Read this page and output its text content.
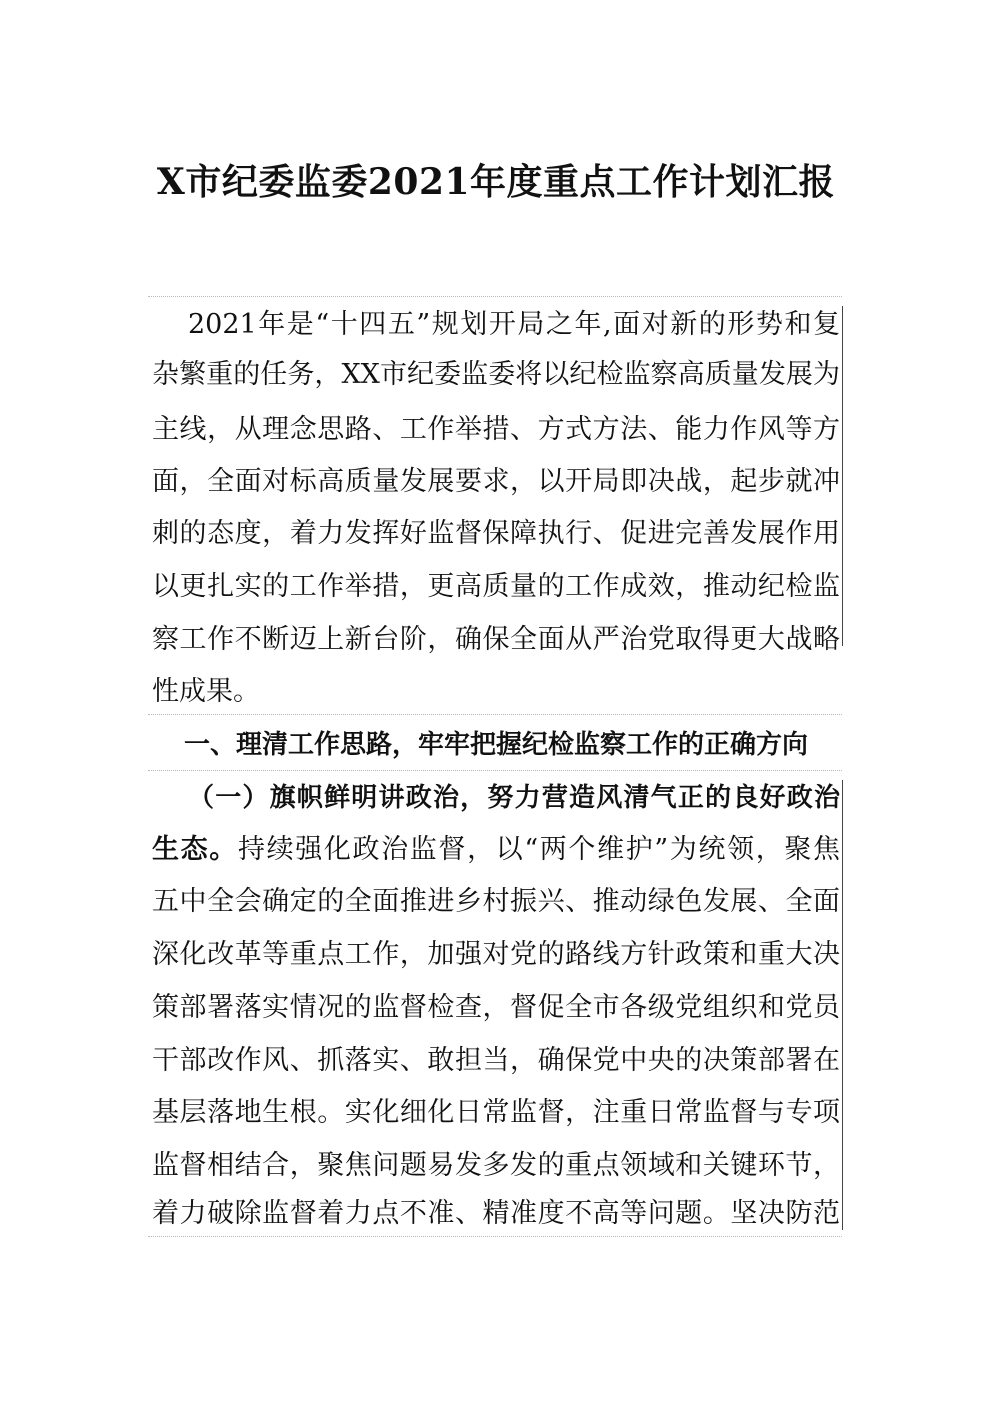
X市纪委监委2021年度重点工作计划汇报
2021年是“十四五”规划开局之年,面对新的形势和复
杂繁重的任务，XX市纪委监委将以纪检监察高质量发展为
主线，从理念思路、工作举措、方式方法、能力作风等方
面，全面对标高质量发展要求，以开局即决战，起步就冲
刺的态度，着力发挥好监督保障执行、促进完善发展作用
以更扎实的工作举措，更高质量的工作成效，推动纪检监
察工作不断迈上新台阶，确保全面从严治党取得更大战略
性成果。
一、理清工作思路，牢牢把握纪检监察工作的正确方向
（一）旗帜鲜明讲政治，努力营造风清气正的良好政治
生态。持续强化政治监督，以“两个维护”为统领，聚焦
五中全会确定的全面推进乡村振兴、推动绿色发展、全面
深化改革等重点工作，加强对党的路线方针政策和重大决
策部署落实情况的监督检查，督促全市各级党组织和党员
干部改作风、抓落实、敢担当，确保党中央的决策部署在
基层落地生根。实化细化日常监督，注重日常监督与专项
监督相结合，聚焦问题易发多发的重点领域和关键环节，
着力破除监督着力点不准、精准度不高等问题。坚决防范
